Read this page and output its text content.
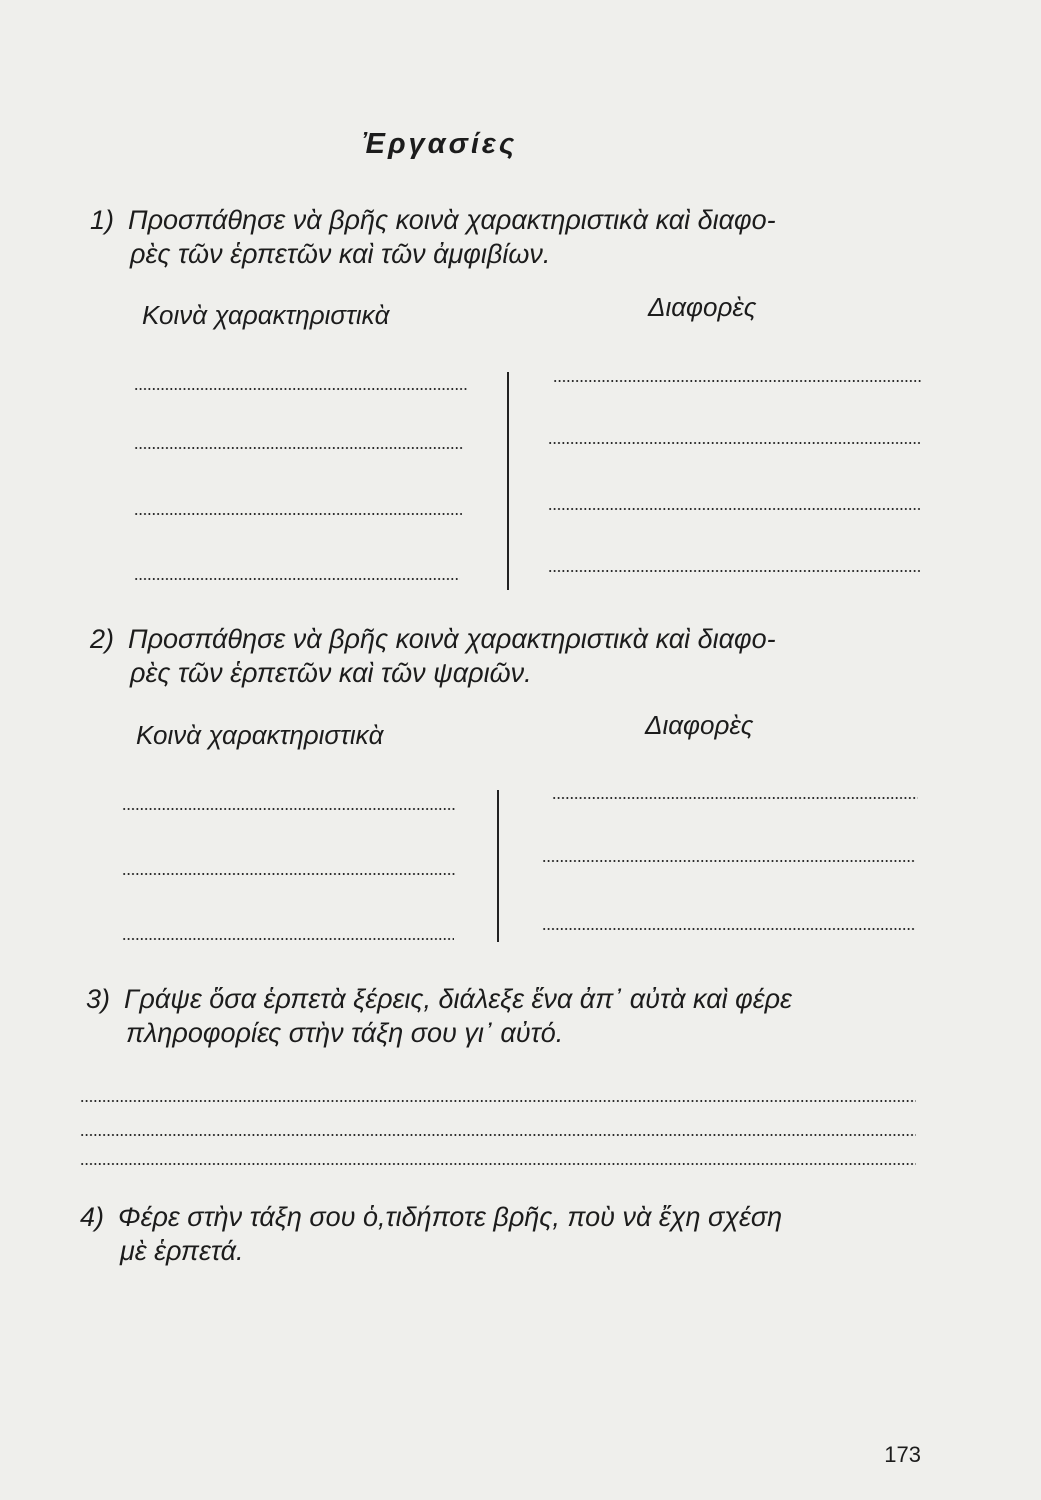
Ἐργασίες
1) Προσπάθησε νὰ βρῆς κοινὰ χαρακτηριστικὰ καὶ διαφο-
ρὲς τῶν ἑρπετῶν καὶ τῶν ἀμφιβίων.
Κοινὰ χαρακτηριστικὰ	Διαφορὲς
2) Προσπάθησε νὰ βρῆς κοινὰ χαρακτηριστικὰ καὶ διαφο-
ρὲς τῶν ἑρπετῶν καὶ τῶν ψαριῶν.
Κοινὰ χαρακτηριστικὰ	Διαφορὲς
3) Γράψε ὅσα ἑρπετὰ ξέρεις, διάλεξε ἕνα ἀπ᾽ αὐτὰ καὶ φέρε
πληροφορίες στὴν τάξη σου γι᾽ αὐτό.
4) Φέρε στὴν τάξη σου ὁ,τιδήποτε βρῆς, ποὺ νὰ ἔχη σχέση
μὲ ἑρπετά.
173
